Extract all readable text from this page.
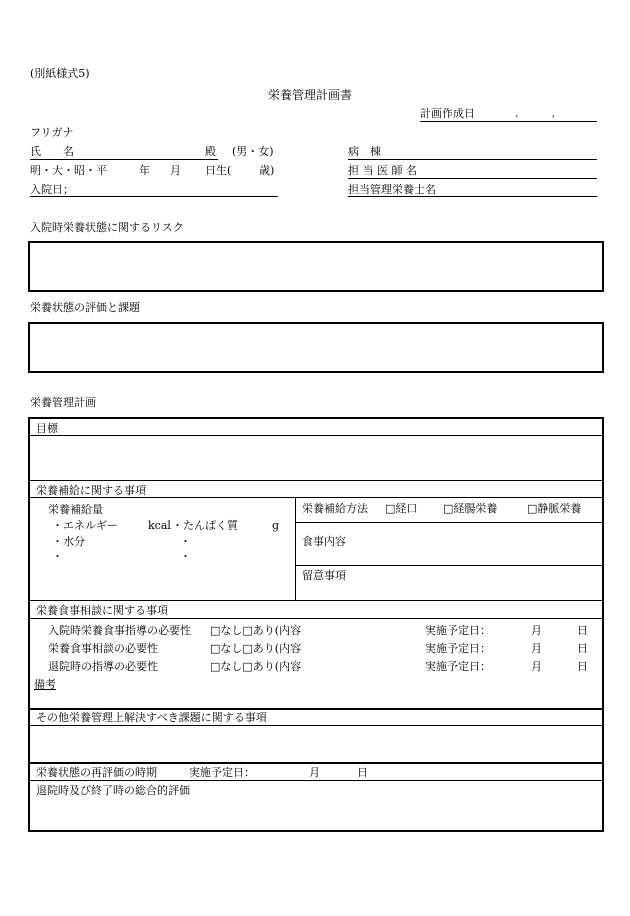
(別紙様式5)
栄養管理計画書
計画作成日	.　　　.
フリガナ
氏　　名	殿 (男・女)	病　棟
明・大・昭・平	年 月 日生(	歳)	担 当 医 師 名
入院日；	担当管理栄養士名
入院時栄養状態に関するリスク
栄養状態の評価と課題
栄養管理計画
目標
栄養補給に関する事項
栄養補給量
・エネルギー	kcal ・たんぱく質	g
・水分	・
・	・
栄養補給方法 □経口 □経腸栄養	□静脈栄養
食事内容
留意事項
栄養食事相談に関する事項
入院時栄養食事指導の必要性 □なし□あり(内容	実施予定日：	月	日
栄養食事相談の必要性	□なし□あり(内容	実施予定日：	月	日
退院時の指導の必要性	□なし□あり(内容	実施予定日：	月	日
備考
その他栄養管理上解決すべき課題に関する事項
栄養状態の再評価の時期	実施予定日：	月	日
退院時及び終了時の総合的評価
